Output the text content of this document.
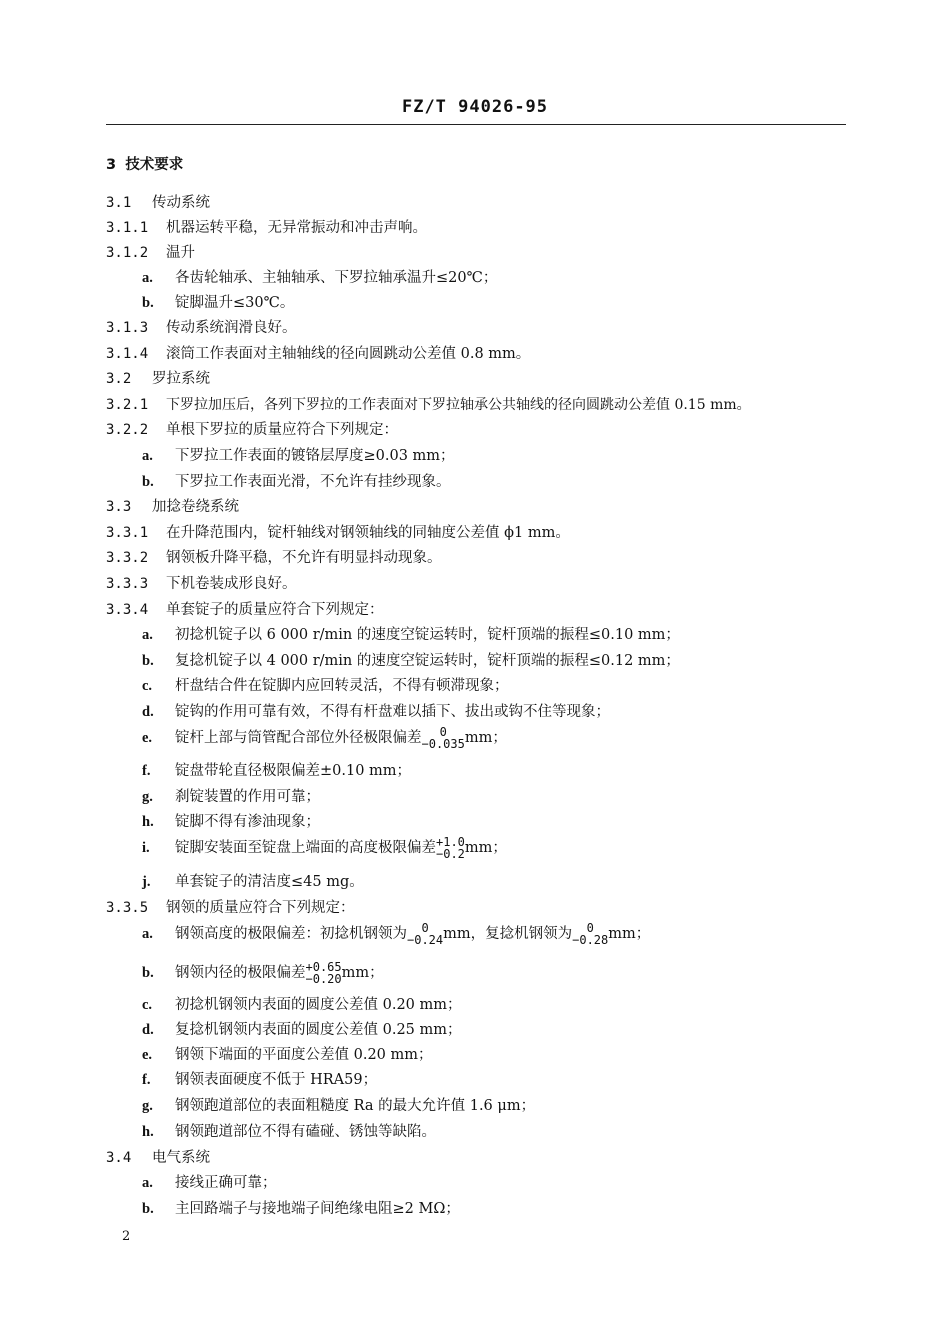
FZ/T 94026-95
3 技术要求
3.1 传动系统
3.1.1 机器运转平稳，无异常振动和冲击声响。
3.1.2 温升
a. 各齿轮轴承、主轴轴承、下罗拉轴承温升≤20℃；
b. 锭脚温升≤30℃。
3.1.3 传动系统润滑良好。
3.1.4 滚筒工作表面对主轴轴线的径向圆跳动公差值 0.8 mm。
3.2 罗拉系统
3.2.1 下罗拉加压后，各列下罗拉的工作表面对下罗拉轴承公共轴线的径向圆跳动公差值 0.15 mm。
3.2.2 单根下罗拉的质量应符合下列规定：
a. 下罗拉工作表面的镀铬层厚度≥0.03 mm；
b. 下罗拉工作表面光滑，不允许有挂纱现象。
3.3 加捻卷绕系统
3.3.1 在升降范围内，锭杆轴线对钢领轴线的同轴度公差值 ϕ1 mm。
3.3.2 钢领板升降平稳，不允许有明显抖动现象。
3.3.3 下机卷装成形良好。
3.3.4 单套锭子的质量应符合下列规定：
a. 初捻机锭子以 6 000 r/min 的速度空锭运转时，锭杆顶端的振程≤0.10 mm；
b. 复捻机锭子以 4 000 r/min 的速度空锭运转时，锭杆顶端的振程≤0.12 mm；
c. 杆盘结合件在锭脚内应回转灵活，不得有顿滞现象；
d. 锭钩的作用可靠有效，不得有杆盘难以插下、拔出或钩不住等现象；
e. 锭杆上部与筒管配合部位外径极限偏差	0
−0.035 mm；
f. 锭盘带轮直径极限偏差±0.10 mm；
g. 刹锭装置的作用可靠；
h. 锭脚不得有渗油现象；
i. 锭脚安装面至锭盘上端面的高度极限偏差 +1.0
−0.2 mm；
j. 单套锭子的清洁度≤45 mg。
3.3.5 钢领的质量应符合下列规定：
a. 钢领高度的极限偏差：初捻机钢领为	0
−0.24 mm，复捻机钢领为	0
−0.28 mm；
b. 钢领内径的极限偏差 +0.65
−0.20 mm；
c. 初捻机钢领内表面的圆度公差值 0.20 mm；
d. 复捻机钢领内表面的圆度公差值 0.25 mm；
e. 钢领下端面的平面度公差值 0.20 mm；
f. 钢领表面硬度不低于 HRA59；
g. 钢领跑道部位的表面粗糙度 Ra 的最大允许值 1.6 μm；
h. 钢领跑道部位不得有磕碰、锈蚀等缺陷。
3.4 电气系统
a. 接线正确可靠；
b. 主回路端子与接地端子间绝缘电阻≥2 MΩ；
2
